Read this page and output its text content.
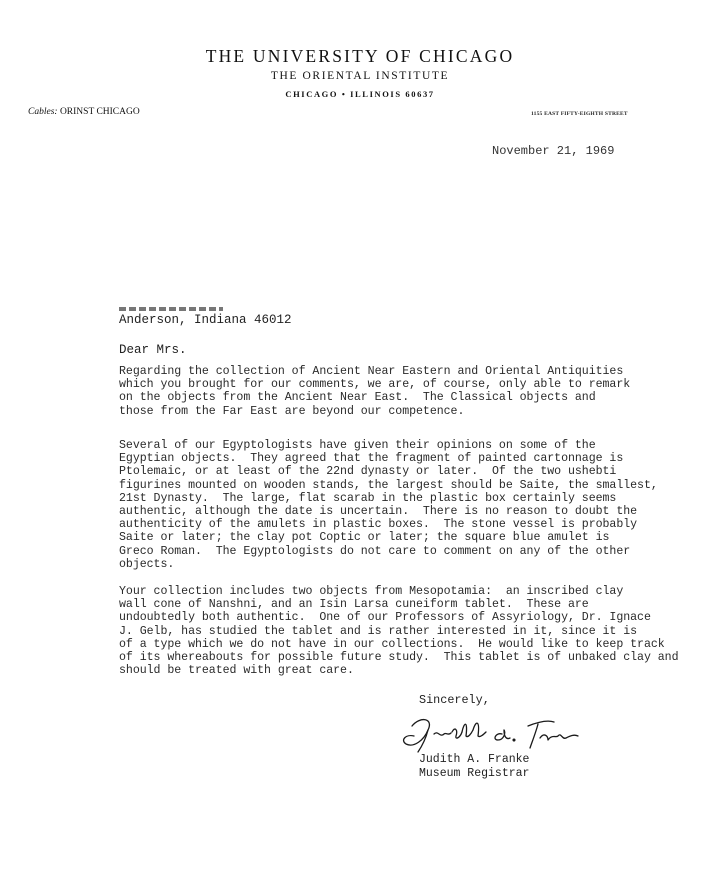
THE UNIVERSITY OF CHICAGO
THE ORIENTAL INSTITUTE
CHICAGO • ILLINOIS 60637
Cables: ORINST CHICAGO	1155 EAST FIFTY-EIGHTH STREET
November 21, 1969
Anderson, Indiana 46012
Dear Mrs.

Regarding the collection of Ancient Near Eastern and Oriental Antiquities
which you brought for our comments, we are, of course, only able to remark
on the objects from the Ancient Near East.  The Classical objects and
those from the Far East are beyond our competence.

Several of our Egyptologists have given their opinions on some of the
Egyptian objects.  They agreed that the fragment of painted cartonnage is
Ptolemaic, or at least of the 22nd dynasty or later.  Of the two ushebti
figurines mounted on wooden stands, the largest should be Saite, the smallest,
21st Dynasty.  The large, flat scarab in the plastic box certainly seems
authentic, although the date is uncertain.  There is no reason to doubt the
authenticity of the amulets in plastic boxes.  The stone vessel is probably
Saite or later; the clay pot Coptic or later; the square blue amulet is
Greco Roman.  The Egyptologists do not care to comment on any of the other
objects.

Your collection includes two objects from Mesopotamia:  an inscribed clay
wall cone of Nanshni, and an Isin Larsa cuneiform tablet.  These are
undoubtedly both authentic.  One of our Professors of Assyriology, Dr. Ignace
J. Gelb, has studied the tablet and is rather interested in it, since it is
of a type which we do not have in our collections.  He would like to keep track
of its whereabouts for possible future study.  This tablet is of unbaked clay and
should be treated with great care.

Sincerely,
Judith A. Franke
Museum Registrar
